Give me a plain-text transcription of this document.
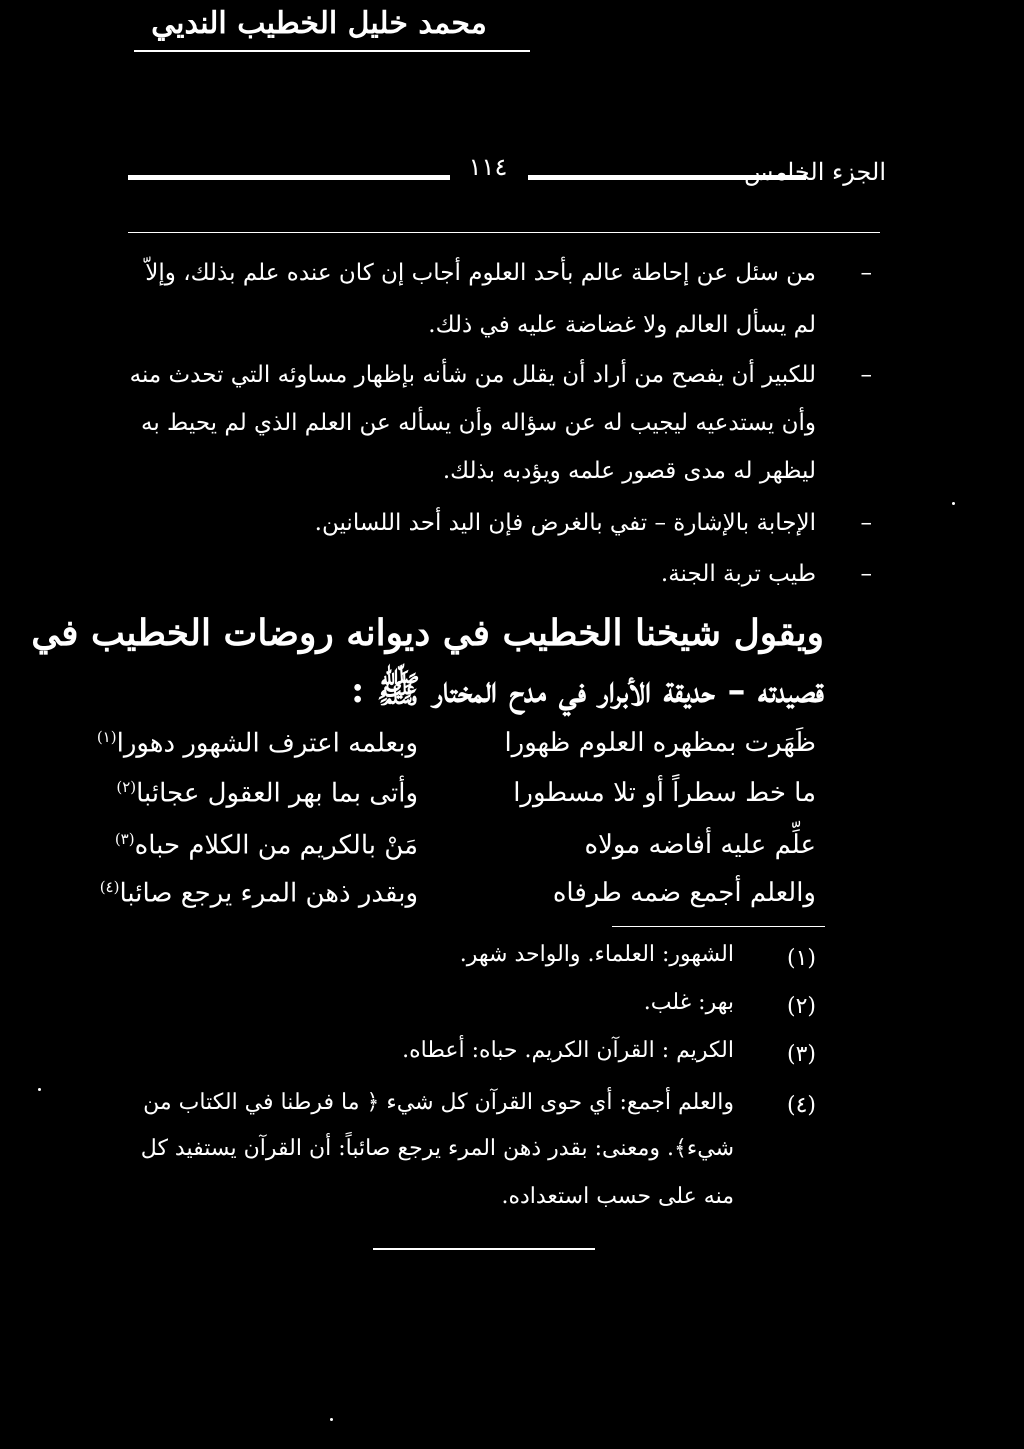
محمد خليل الخطيب النديي
١١٤	الجزء الخامس
–
من سئل عن إحاطة عالم بأحد العلوم أجاب إن كان عنده علم بذلك، وإلاّ
لم يسأل العالم ولا غضاضة عليه في ذلك.
–
للكبير أن يفصح من أراد أن يقلل من شأنه بإظهار مساوئه التي تحدث منه
وأن يستدعيه ليجيب له عن سؤاله وأن يسأله عن العلم الذي لم يحيط به
ليظهر له مدى قصور علمه ويؤدبه بذلك.
–
الإجابة بالإشارة – تفي بالغرض فإن اليد أحد اللسانين.
–
طيب تربة الجنة.
ويقول شيخنا الخطيب في ديوانه روضات الخطيب في
قصيدته – حديقة الأبرار في مدح المختار ﷺ :
ظَهَرت بمظهره العلوم ظهورا
وبعلمه اعترف الشهور دهورا$^{(١)}$
ما خط سطراً أو تلا مسطورا
وأتى بما بهر العقول عجائبا$^{(٢)}$
علِّم عليه أفاضه مولاه
مَنْ بالكريم من الكلام حباه$^{(٣)}$
والعلم أجمع ضمه طرفاه
وبقدر ذهن المرء يرجع صائبا$^{(٤)}$
(١)
الشهور: العلماء. والواحد شهر.
(٢)
بهر: غلب.
(٣)
الكريم : القرآن الكريم. حباه: أعطاه.
(٤)
والعلم أجمع: أي حوى القرآن كل شيء ﴿ ما فرطنا في الكتاب من
شيء﴾. ومعنى: بقدر ذهن المرء يرجع صائباً: أن القرآن يستفيد كل
منه على حسب استعداده.
